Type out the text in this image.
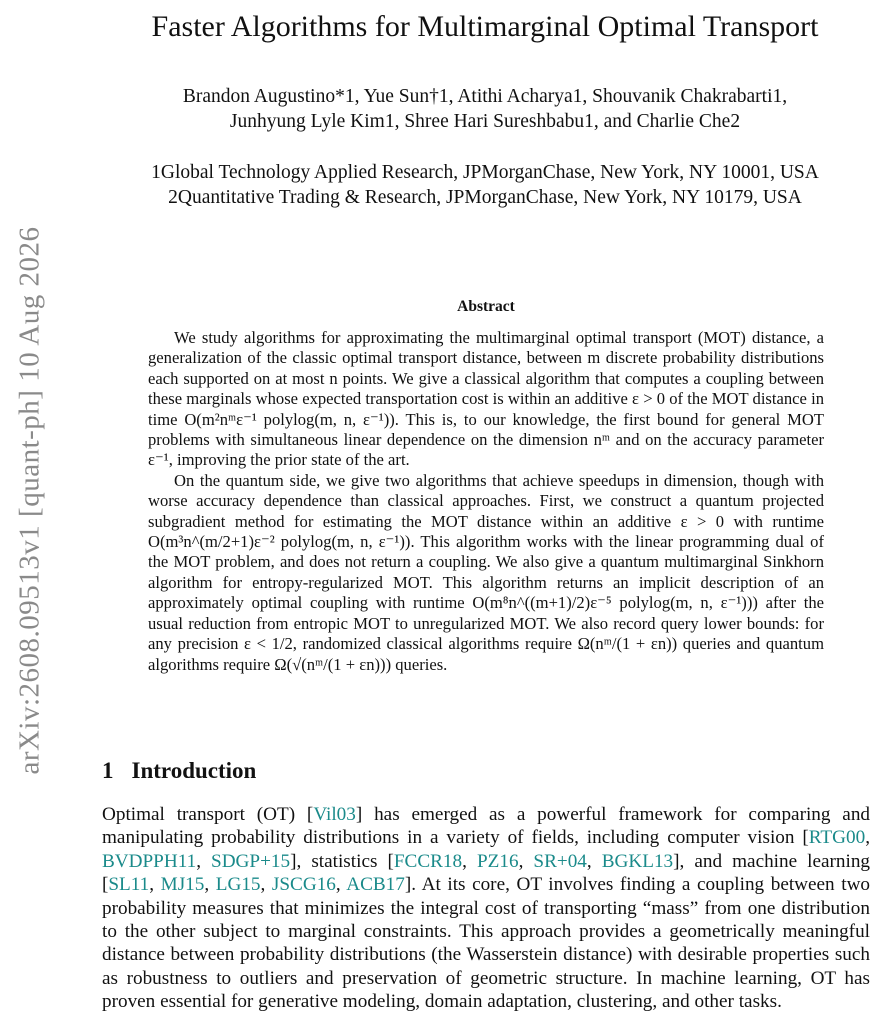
arXiv:2608.09513v1 [quant-ph] 10 Aug 2026
Faster Algorithms for Multimarginal Optimal Transport
Brandon Augustino*1, Yue Sun†1, Atithi Acharya1, Shouvanik Chakrabarti1,
Junhyung Lyle Kim1, Shree Hari Sureshbabu1, and Charlie Che2
1Global Technology Applied Research, JPMorganChase, New York, NY 10001, USA
2Quantitative Trading & Research, JPMorganChase, New York, NY 10179, USA
Abstract

We study algorithms for approximating the multimarginal optimal transport (MOT) distance, a generalization of the classic optimal transport distance, between m discrete probability distributions each supported on at most n points. We give a classical algorithm that computes a coupling between these marginals whose expected transportation cost is within an additive ε > 0 of the MOT distance in time O(m²nᵐε⁻¹ polylog(m, n, ε⁻¹)). This is, to our knowledge, the first bound for general MOT problems with simultaneous linear dependence on the dimension nᵐ and on the accuracy parameter ε⁻¹, improving the prior state of the art.

On the quantum side, we give two algorithms that achieve speedups in dimension, though with worse accuracy dependence than classical approaches. First, we construct a quantum projected subgradient method for estimating the MOT distance within an additive ε > 0 with runtime O(m³n^(m/2+1)ε⁻² polylog(m, n, ε⁻¹)). This algorithm works with the linear programming dual of the MOT problem, and does not return a coupling. We also give a quantum multimarginal Sinkhorn algorithm for entropy-regularized MOT. This algorithm returns an implicit description of an approximately optimal coupling with runtime O(m⁸n^((m+1)/2)ε⁻⁵ polylog(m, n, ε⁻¹))) after the usual reduction from entropic MOT to unregularized MOT. We also record query lower bounds: for any precision ε < 1/2, randomized classical algorithms require Ω(nᵐ/(1 + εn)) queries and quantum algorithms require Ω(√(nᵐ/(1 + εn))) queries.

1 Introduction

Optimal transport (OT) [Vil03] has emerged as a powerful framework for comparing and manipulating probability distributions in a variety of fields, including computer vision [RTG00, BVDPPH11, SDGP+15], statistics [FCCR18, PZ16, SR+04, BGKL13], and machine learning [SL11, MJ15, LG15, JSCG16, ACB17]. At its core, OT involves finding a coupling between two probability measures that minimizes the integral cost of transporting “mass” from one distribution to the other subject to marginal constraints. This approach provides a geometrically meaningful distance between probability distributions (the Wasserstein distance) with desirable properties such as robustness to outliers and preservation of geometric structure. In machine learning, OT has proven essential for generative modeling, domain adaptation, clustering, and other tasks.
